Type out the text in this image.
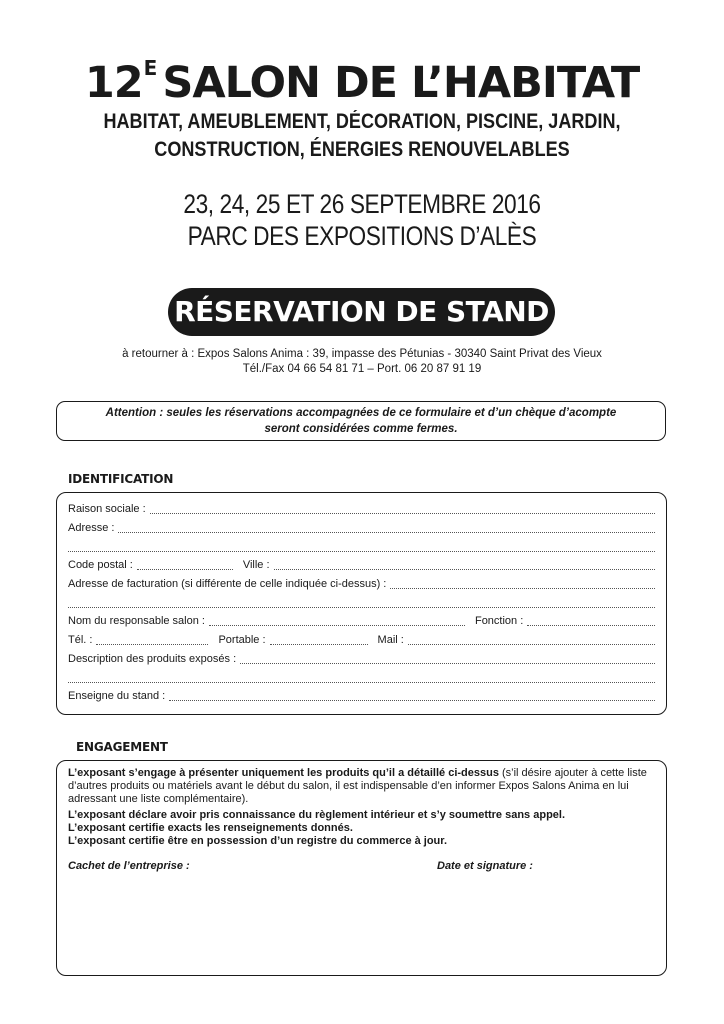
$12^E$ SALON DE L’HABITAT
HABITAT, AMEUBLEMENT, DÉCORATION, PISCINE, JARDIN,
CONSTRUCTION, ÉNERGIES RENOUVELABLES
23, 24, 25 ET 26 SEPTEMBRE 2016
PARC DES EXPOSITIONS D’ALÈS
RÉSERVATION DE STAND
à retourner à : Expos Salons Anima : 39, impasse des Pétunias - 30340 Saint Privat des Vieux
Tél./Fax 04 66 54 81 71 – Port. 06 20 87 91 19
Attention : seules les réservations accompagnées de ce formulaire et d’un chèque d’acompte
seront considérées comme fermes.
IDENTIFICATION
Raison sociale :
Adresse :
Code postal :	Ville :
Adresse de facturation (si différente de celle indiquée ci-dessus) :
Nom du responsable salon :	Fonction :
Tél. :	Portable :	Mail :
Description des produits exposés :
Enseigne du stand :
ENGAGEMENT

L’exposant s’engage à présenter uniquement les produits qu’il a détaillé ci-dessus (s’il désire ajouter à cette liste d’autres produits ou matériels avant le début du salon, il est indispensable d’en informer Expos Salons Anima en lui adressant une liste complémentaire).

L’exposant déclare avoir pris connaissance du règlement intérieur et s’y soumettre sans appel.

L’exposant certifie exacts les renseignements donnés.

L’exposant certifie être en possession d’un registre du commerce à jour.

Cachet de l’entreprise :	Date et signature :
